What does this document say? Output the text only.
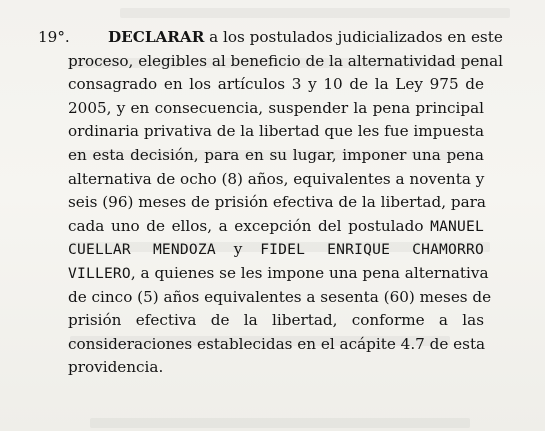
19°.	DECLARAR a los postulados judicializados en este
proceso, elegibles al beneficio de la alternatividad penal
consagrado en los artículos 3 y 10 de la Ley 975 de
2005, y en consecuencia, suspender la pena principal
ordinaria privativa de la libertad que les fue impuesta
en esta decisión, para en su lugar, imponer una pena
alternativa de ocho (8) años, equivalentes a noventa y
seis (96) meses de prisión efectiva de la libertad, para
cada uno de ellos, a excepción del postulado MANUEL
CUELLAR MENDOZA y FIDEL ENRIQUE CHAMORRO
VILLERO, a quienes se les impone una pena alternativa
de cinco (5) años equivalentes a sesenta (60) meses de
prisión efectiva de la libertad, conforme a las
consideraciones establecidas en el acápite 4.7 de esta
providencia.
